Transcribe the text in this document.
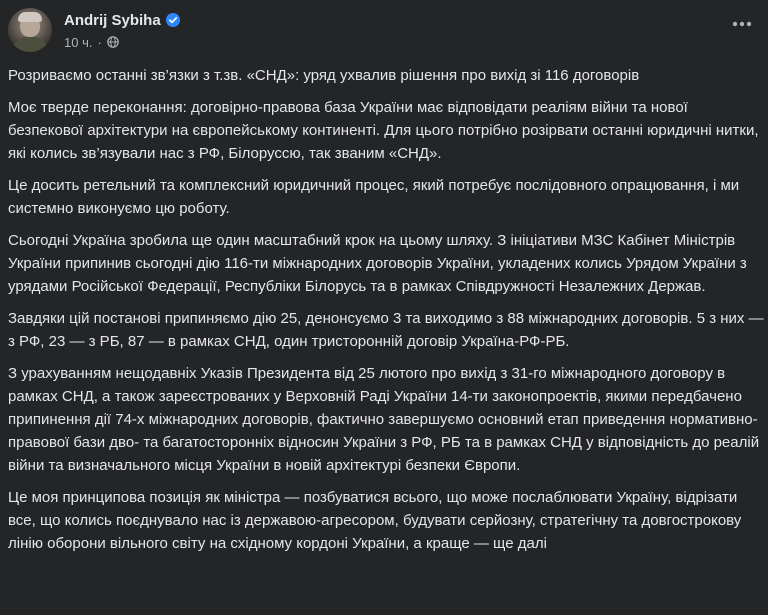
Andrij Sybiha
10 ч. ·

Розриваємо останні зв’язки з т.зв. «СНД»: уряд ухвалив рішення про вихід зі 116 договорів

Моє тверде переконання: договірно-правова база України має відповідати реаліям війни та нової безпекової архітектури на європейському континенті. Для цього потрібно розірвати останні юридичні нитки, які колись зв’язували нас з РФ, Білоруссю, так званим «СНД».

Це досить ретельний та комплексний юридичний процес, який потребує послідовного опрацювання, і ми системно виконуємо цю роботу.

Сьогодні Україна зробила ще один масштабний крок на цьому шляху. З ініціативи МЗС Кабінет Міністрів України припинив сьогодні дію 116-ти міжнародних договорів України, укладених колись Урядом України з урядами Російської Федерації, Республіки Білорусь та в рамках Співдружності Незалежних Держав.

Завдяки цій постанові припиняємо дію 25, денонсуємо 3 та виходимо з 88 міжнародних договорів. 5 з них — з РФ, 23 — з РБ, 87 — в рамках СНД, один тристоронній договір Україна-РФ-РБ.

З урахуванням нещодавніх Указів Президента від 25 лютого про вихід з 31-го міжнародного договору в рамках СНД, а також зареєстрованих у Верховній Раді України 14-ти законопроектів, якими передбачено припинення дії 74-х міжнародних договорів, фактично завершуємо основний етап приведення нормативно-правової бази дво- та багатосторонніх відносин України з РФ, РБ та в рамках СНД у відповідність до реалій війни та визначального місця України в новій архітектурі безпеки Європи.

Це моя принципова позиція як міністра — позбуватися всього, що може послаблювати Україну, відрізати все, що колись поєднувало нас із державою-агресором, будувати серйозну, стратегічну та довгострокову лінію оборони вільного світу на східному кордоні України, а краще — ще далі
